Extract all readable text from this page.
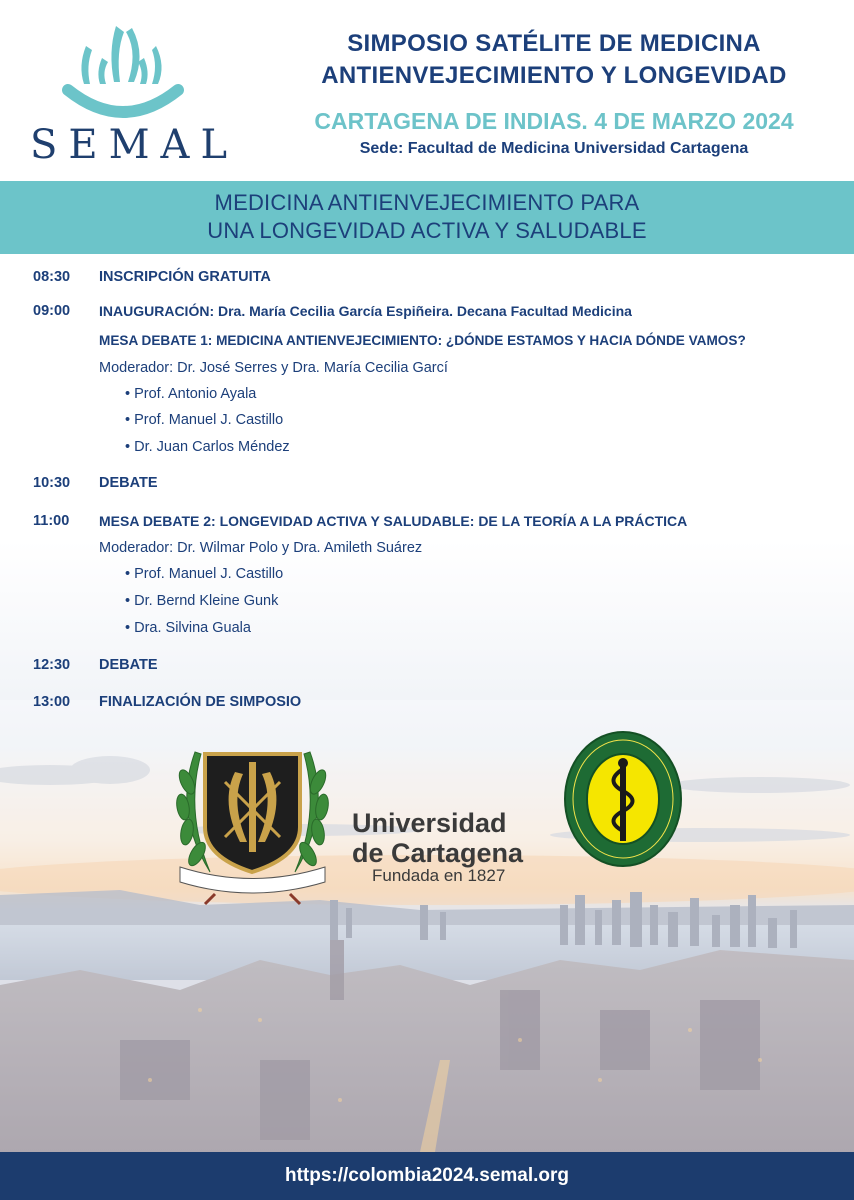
SEMAL
SIMPOSIO SATÉLITE DE MEDICINA
ANTIENVEJECIMIENTO Y LONGEVIDAD
CARTAGENA DE INDIAS. 4 DE MARZO 2024
Sede: Facultad de Medicina Universidad Cartagena
MEDICINA ANTIENVEJECIMIENTO PARA
UNA LONGEVIDAD ACTIVA Y SALUDABLE
08:30 INSCRIPCIÓN GRATUITA
09:00 INAUGURACIÓN: Dra. María Cecilia García Espiñeira. Decana Facultad Medicina
MESA DEBATE 1: MEDICINA ANTIENVEJECIMIENTO: ¿DÓNDE ESTAMOS Y HACIA DÓNDE VAMOS?
Moderador: Dr. José Serres y Dra. María Cecilia Garcí
• Prof. Antonio Ayala
• Prof. Manuel J. Castillo
• Dr. Juan Carlos Méndez
10:30 DEBATE
11:00 MESA DEBATE 2: LONGEVIDAD ACTIVA Y SALUDABLE: DE LA TEORÍA A LA PRÁCTICA
Moderador: Dr. Wilmar Polo y Dra. Amileth Suárez
• Prof. Manuel J. Castillo
• Dr. Bernd Kleine Gunk
• Dra. Silvina Guala
12:30 DEBATE
13:00 FINALIZACIÓN DE SIMPOSIO
Universidad
de Cartagena
Fundada en 1827
https://colombia2024.semal.org
